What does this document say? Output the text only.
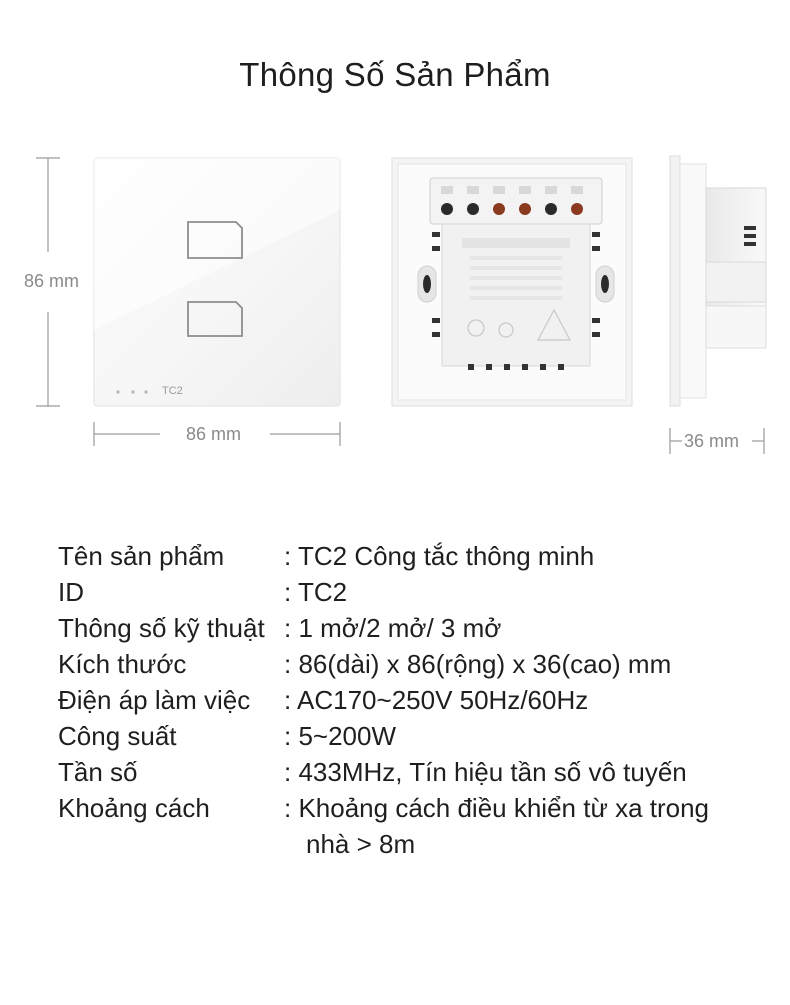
Thông Số Sản Phẩm
86 mm
86 mm	36 mm
TC2
Tên sản phẩm	: TC2 Công tắc thông minh
ID	: TC2
Thông số kỹ thuật : 1 mở/2 mở/ 3 mở
Kích thước	: 86(dài) x 86(rộng) x 36(cao) mm
Điện áp làm việc	: AC170~250V 50Hz/60Hz
Công suất	: 5~200W
Tần số	: 433MHz, Tín hiệu tần số vô tuyến
Khoảng cách	: Khoảng cách điều khiển từ xa trong
nhà > 8m
